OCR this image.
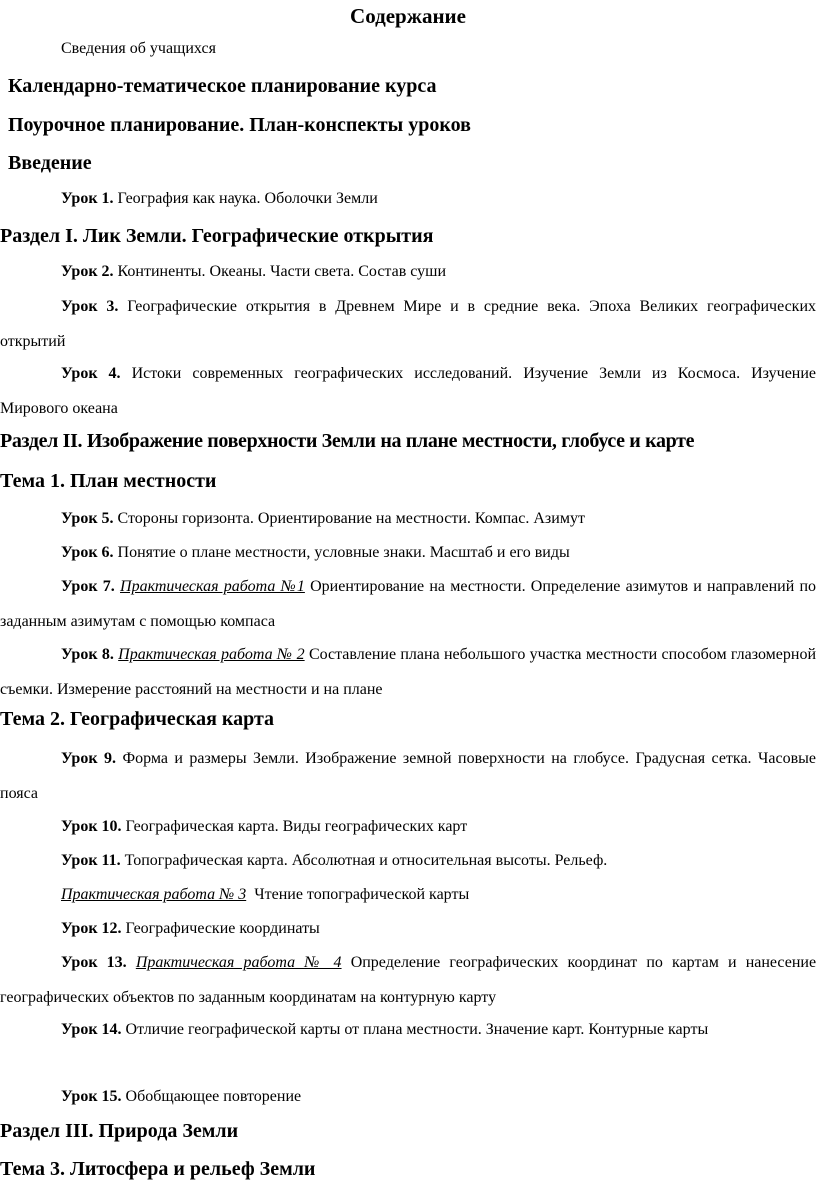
Содержание
Сведения об учащихся
Календарно-тематическое планирование курса
Поурочное планирование. План-конспекты уроков
Введение
Урок 1. География как наука. Оболочки Земли
Раздел I. Лик Земли. Географические открытия
Урок 2. Континенты. Океаны. Части света. Состав суши
Урок 3. Географические открытия в Древнем Мире и в средние века. Эпоха Великих географических открытий
Урок 4. Истоки современных географических исследований. Изучение Земли из Космоса. Изучение Мирового океана
Раздел II. Изображение поверхности Земли на плане местности, глобусе и карте
Тема 1. План местности
Урок 5. Стороны горизонта. Ориентирование на местности. Компас. Азимут
Урок 6. Понятие о плане местности, условные знаки. Масштаб и его виды
Урок 7. Практическая работа №1 Ориентирование на местности. Определение азимутов и направлений по заданным азимутам с помощью компаса
Урок 8. Практическая работа № 2 Составление плана небольшого участка местности способом глазомерной съемки. Измерение расстояний на местности и на плане
Тема 2. Географическая карта
Урок 9. Форма и размеры Земли. Изображение земной поверхности на глобусе. Градусная сетка. Часовые пояса
Урок 10. Географическая карта. Виды географических карт
Урок 11. Топографическая карта. Абсолютная и относительная высоты. Рельеф.
Практическая работа № 3 Чтение топографической карты
Урок 12. Географические координаты
Урок 13. Практическая работа № 4 Определение географических координат по картам и нанесение географических объектов по заданным координатам на контурную карту
Урок 14. Отличие географической карты от плана местности. Значение карт. Контурные карты
Урок 15. Обобщающее повторение
Раздел III. Природа Земли
Тема 3. Литосфера и рельеф Земли
